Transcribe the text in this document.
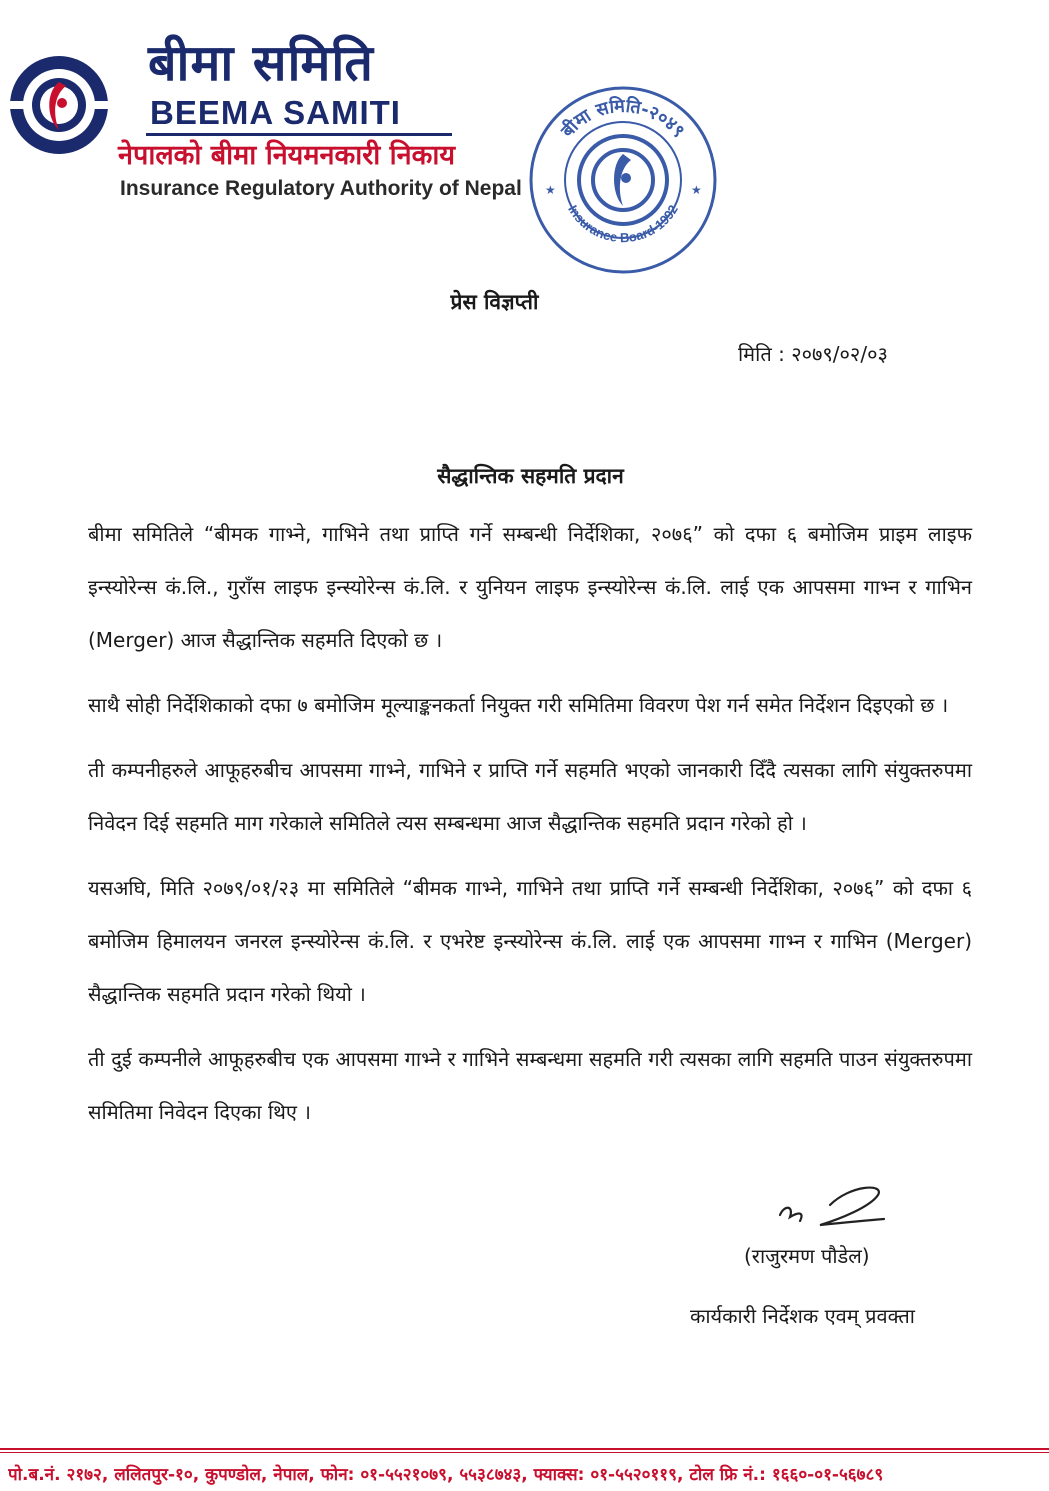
बीमा समिति
BEEMA SAMITI
नेपालको बीमा नियमनकारी निकाय
Insurance Regulatory Authority of Nepal
बीमा समिति-२०४९
Insurance Board-1992
★	★
प्रेस विज्ञप्ती
मिति : २०७९/०२/०३
सैद्धान्तिक सहमति प्रदान

बीमा समितिले “बीमक गाभ्ने, गाभिने तथा प्राप्ति गर्ने सम्बन्धी निर्देशिका, २०७६” को दफा ६ बमोजिम प्राइम लाइफ इन्स्योरेन्स कं.लि., गुराँस लाइफ इन्स्योरेन्स कं.लि. र युनियन लाइफ इन्स्योरेन्स कं.लि. लाई एक आपसमा गाभ्न र गाभिन (Merger) आज सैद्धान्तिक सहमति दिएको छ ।

साथै सोही निर्देशिकाको दफा ७ बमोजिम मूल्याङ्कनकर्ता नियुक्त गरी समितिमा विवरण पेश गर्न समेत निर्देशन दिइएको छ ।

ती कम्पनीहरुले आफूहरुबीच आपसमा गाभ्ने, गाभिने र प्राप्ति गर्ने सहमति भएको जानकारी दिँदै त्यसका लागि संयुक्तरुपमा निवेदन दिई सहमति माग गरेकाले समितिले त्यस सम्बन्धमा आज सैद्धान्तिक सहमति प्रदान गरेको हो ।

यसअघि, मिति २०७९/०१/२३ मा समितिले “बीमक गाभ्ने, गाभिने तथा प्राप्ति गर्ने सम्बन्धी निर्देशिका, २०७६” को दफा ६ बमोजिम हिमालयन जनरल इन्स्योरेन्स कं.लि. र एभरेष्ट इन्स्योरेन्स कं.लि. लाई एक आपसमा गाभ्न र गाभिन (Merger) सैद्धान्तिक सहमति प्रदान गरेको थियो ।

ती दुई कम्पनीले आफूहरुबीच एक आपसमा गाभ्ने र गाभिने सम्बन्धमा सहमति गरी त्यसका लागि सहमति पाउन संयुक्तरुपमा समितिमा निवेदन दिएका थिए ।

(राजुरमण पौडेल)
कार्यकारी निर्देशक एवम् प्रवक्ता
पो.ब.नं. २१७२, ललितपुर-१०, कुपण्डोल, नेपाल, फोन: ०१-५५२१०७९, ५५३८७४३, फ्याक्स: ०१-५५२०११९, टोल फ्रि नं.: १६६०-०१-५६७८९
